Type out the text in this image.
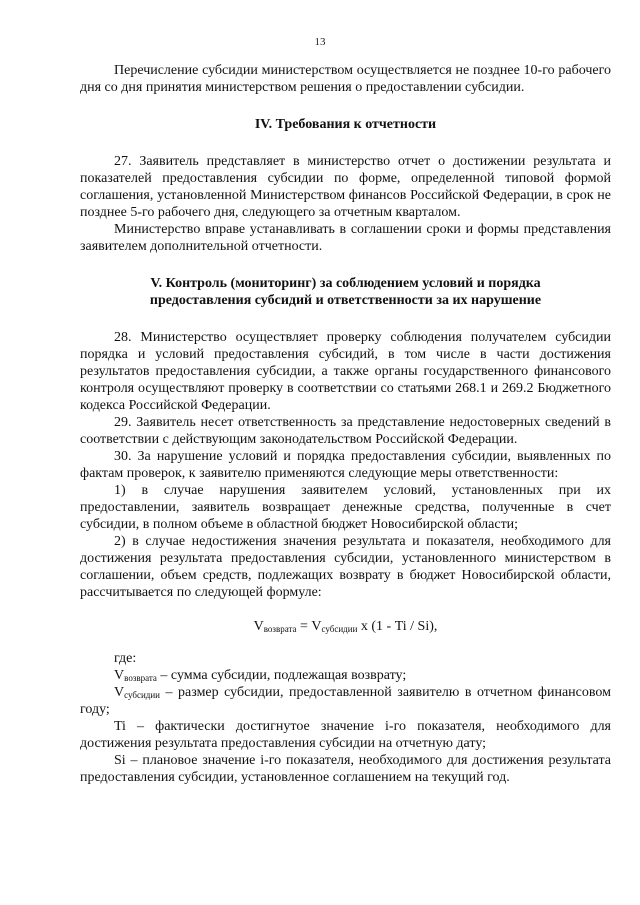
13

Перечисление субсидии министерством осуществляется не позднее 10-го рабочего дня со дня принятия министерством решения о предоставлении субсидии.

IV. Требования к отчетности

27. Заявитель представляет в министерство отчет о достижении результата и показателей предоставления субсидии по форме, определенной типовой формой соглашения, установленной Министерством финансов Российской Федерации, в срок не позднее 5-го рабочего дня, следующего за отчетным кварталом.

Министерство вправе устанавливать в соглашении сроки и формы представления заявителем дополнительной отчетности.

V. Контроль (мониторинг) за соблюдением условий и порядка

предоставления субсидий и ответственности за их нарушение

28. Министерство осуществляет проверку соблюдения получателем субсидии порядка и условий предоставления субсидий, в том числе в части достижения результатов предоставления субсидии, а также органы государственного финансового контроля осуществляют проверку в соответствии со статьями 268.1 и 269.2 Бюджетного кодекса Российской Федерации.

29. Заявитель несет ответственность за представление недостоверных сведений в соответствии с действующим законодательством Российской Федерации.

30. За нарушение условий и порядка предоставления субсидии, выявленных по фактам проверок, к заявителю применяются следующие меры ответственности:

1) в случае нарушения заявителем условий, установленных при их предоставлении, заявитель возвращает денежные средства, полученные в счет субсидии, в полном объеме в областной бюджет Новосибирской области;

2) в случае недостижения значения результата и показателя, необходимого для достижения результата предоставления субсидии, установленного министерством в соглашении, объем средств, подлежащих возврату в бюджет Новосибирской области, рассчитывается по следующей формуле:

$V_{возврата} = V_{субсидии}$ х (1 - Ti / Si),

где:

$V_{возврата}$ – сумма субсидии, подлежащая возврату;

$V_{субсидии}$ – размер субсидии, предоставленной заявителю в отчетном финансовом году;

Ti – фактически достигнутое значение i-го показателя, необходимого для достижения результата предоставления субсидии на отчетную дату;

Si – плановое значение i-го показателя, необходимого для достижения результата предоставления субсидии, установленное соглашением на текущий год.
